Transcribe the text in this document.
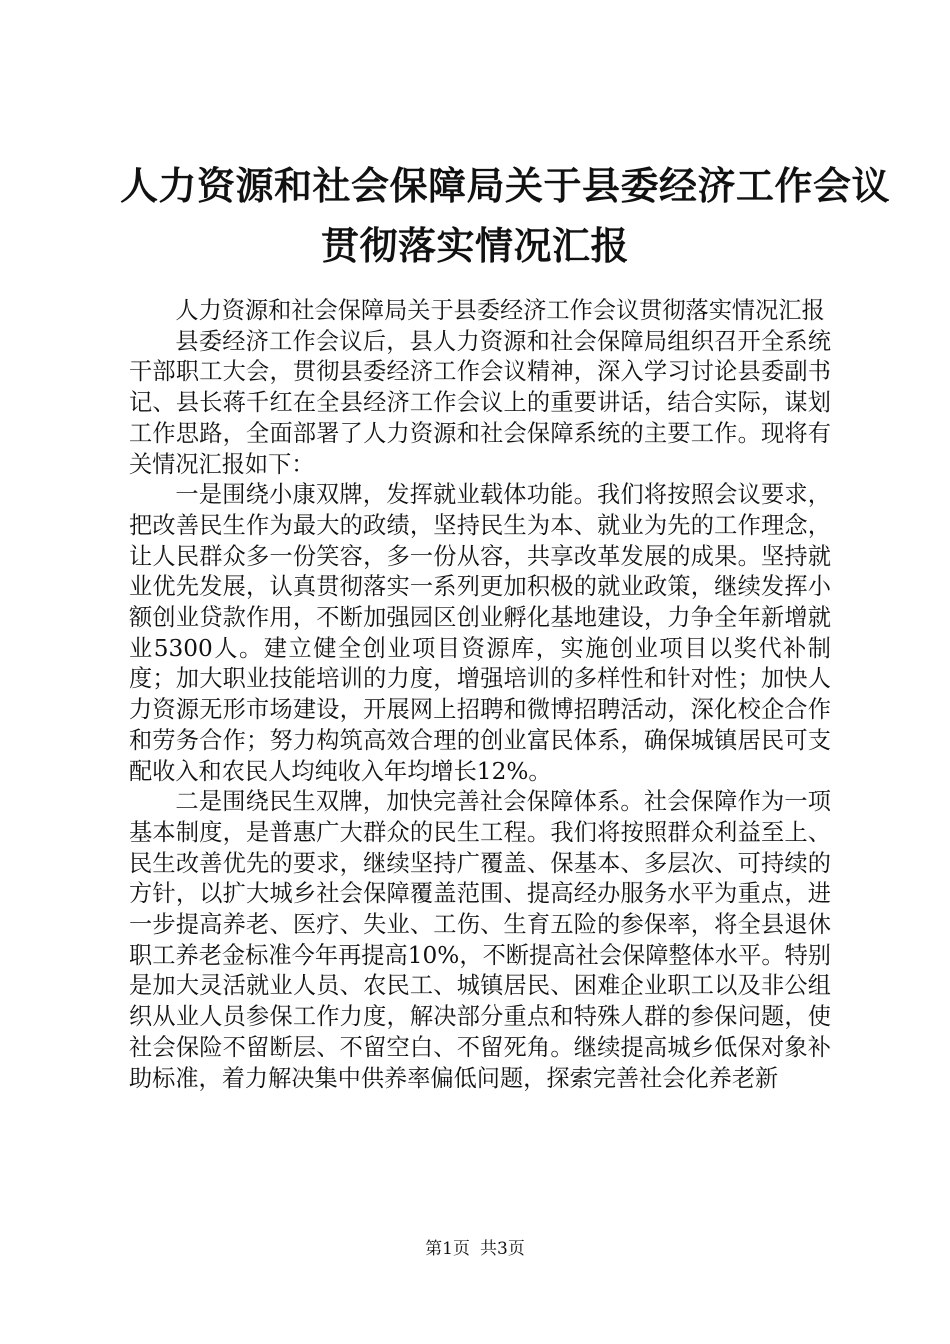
人力资源和社会保障局关于县委经济工作会议
贯彻落实情况汇报

人力资源和社会保障局关于县委经济工作会议贯彻落实情况汇报

县委经济工作会议后，县人力资源和社会保障局组织召开全系统干部职工大会，贯彻县委经济工作会议精神，深入学习讨论县委副书记、县长蒋千红在全县经济工作会议上的重要讲话，结合实际，谋划工作思路，全面部署了人力资源和社会保障系统的主要工作。现将有关情况汇报如下：

一是围绕小康双牌，发挥就业载体功能。我们将按照会议要求，把改善民生作为最大的政绩，坚持民生为本、就业为先的工作理念，让人民群众多一份笑容，多一份从容，共享改革发展的成果。坚持就业优先发展，认真贯彻落实一系列更加积极的就业政策，继续发挥小额创业贷款作用，不断加强园区创业孵化基地建设，力争全年新增就业5300人。建立健全创业项目资源库，实施创业项目以奖代补制度；加大职业技能培训的力度，增强培训的多样性和针对性；加快人力资源无形市场建设，开展网上招聘和微博招聘活动，深化校企合作和劳务合作；努力构筑高效合理的创业富民体系，确保城镇居民可支配收入和农民人均纯收入年均增长12%。

二是围绕民生双牌，加快完善社会保障体系。社会保障作为一项基本制度，是普惠广大群众的民生工程。我们将按照群众利益至上、民生改善优先的要求，继续坚持广覆盖、保基本、多层次、可持续的方针，以扩大城乡社会保障覆盖范围、提高经办服务水平为重点，进一步提高养老、医疗、失业、工伤、生育五险的参保率，将全县退休职工养老金标准今年再提高10%，不断提高社会保障整体水平。特别是加大灵活就业人员、农民工、城镇居民、困难企业职工以及非公组织从业人员参保工作力度，解决部分重点和特殊人群的参保问题，使社会保险不留断层、不留空白、不留死角。继续提高城乡低保对象补助标准，着力解决集中供养率偏低问题，探索完善社会化养老新

第1页 共3页
